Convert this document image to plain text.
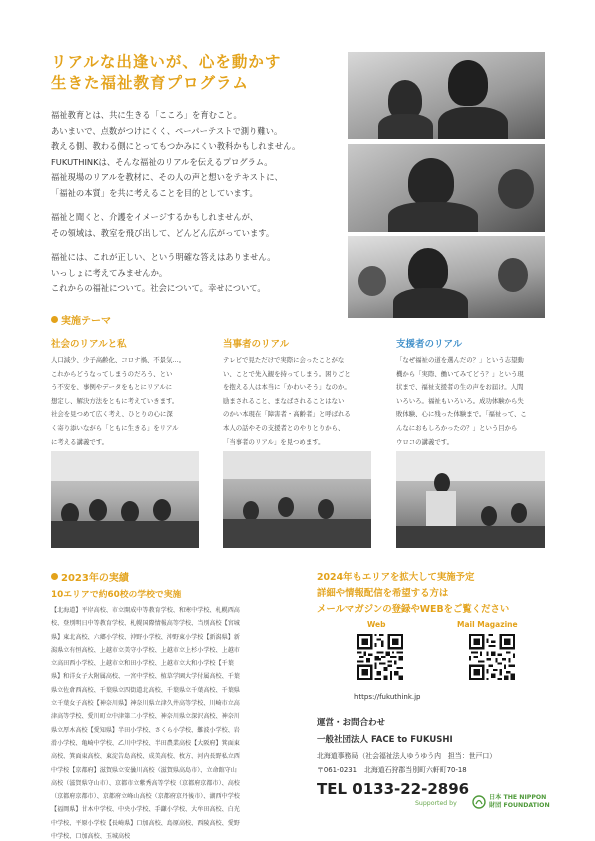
リアルな出逢いが、心を動かす
生きた福祉教育プログラム

福祉教育とは、共に生きる「こころ」を育むこと。
あいまいで、点数がつけにくく、ペーパーテストで測り難い。
教える側、教わる側にとってもつかみにくい教科かもしれません。
FUKUTHINKは、そんな福祉のリアルを伝えるプログラム。
福祉現場のリアルを教材に、その人の声と想いをテキストに、
「福祉の本質」を共に考えることを目的としています。

福祉と聞くと、介護をイメージするかもしれませんが、
その領域は、教室を飛び出して、どんどん広がっています。

福祉には、これが正しい、という明確な答えはありません。
いっしょに考えてみませんか。
これからの福祉について。社会について。幸せについて。

実施テーマ
社会のリアルと私
人口減少、少子高齢化、コロナ禍、不景気…。
これからどうなってしまうのだろう、とい
う不安を、事例やデータをもとにリアルに
想定し、解決方法をともに考えていきます。
社会を見つめて広く考え、ひとりの心に深
く寄り添いながら「ともに生きる」をリアル
に考える講義です。
当事者のリアル
テレビで見ただけで実際に会ったことがな
い、ことで先入観を持ってしまう。困りごと
を抱える人は本当に「かわいそう」なのか。
励まされること、まなばされることはない
のかい本現在「障害者・高齢者」と呼ばれる
本人の話やその支援者とのやりとりから、
「当事者のリアル」を見つめます。
支援者のリアル
「なぜ福祉の道を選んだの？」という志望動
機から「実際、働いてみてどう？」という現
状まで、福祉支援者の生の声をお届け。人間
いろいろ。福祉もいろいろ。成功体験から失
敗体験、心に残った体験まで。「福祉って、こ
んなにおもしろかったの？」という目から
ウロコの講義です。
2023年の実績
10エリアで約60校の学校で実施
【北海道】平岸高校、市立開成中等教育学校、和寒中学校、札幌西高
校、登別明日中等教育学校、札幌国際情報高等学校、当別高校【宮城
県】東北高校、六郷小学校、沖野小学校、沖野東小学校【新潟県】新
潟県立有恒高校、上越市立美守小学校、上越市立上杉小学校、上越市
立高田西小学校、上越市立和田小学校、上越市立大和小学校【千葉
県】和洋女子大附属高校、一宮中学校、植草学園大学付属高校、千葉
県立佐倉西高校、千葉県立四街道北高校、千葉県立千葉高校、千葉県
立千葉女子高校【神奈川県】神奈川県立津久井高等学校、川崎市立高
津高等学校、愛川町立中津第二小学校、神奈川県立深沢高校、神奈川
県立厚木高校【愛知県】半田小学校、さくら小学校、難波小学校、岩
滑小学校、亀崎中学校、乙川中学校、半田農業高校【大阪府】箕面東
高校、箕面東高校、東淀告島高校、成美高校、枚方、河内長野私立西
中学校【京都府】滋賀県立安曇川高校（滋賀県高島市）、立命館守山
高校（滋賀県守山市）、京都市立紫秀高等学校（京都府京都市）、高校
（京都府京都市）、京都府立峰山高校（京都府京丹後市）、湖西中学校
【福岡県】甘木中学校、中央小学校、手鎌小学校、大牟田高校、白光
中学校、平原小学校【長崎県】口加高校、島原高校、西陵高校、愛野
中学校、口加高校、玉城高校
2024年もエリアを拡大して実施予定
詳細や情報配信を希望する方は
メールマガジンの登録やWEBをご覧ください
Web	Mail Magazine
https://fukuthink.jp
運営・お問合わせ
一般社団法人 FACE to FUKUSHI
北海道事務局（社会福祉法人ゆうゆう内　担当：世戸口）
〒061-0231　北海道石狩郡当別町六軒町70-18
TEL 0133-22-2896
Supported by
日本 THE NIPPON
財団 FOUNDATION
